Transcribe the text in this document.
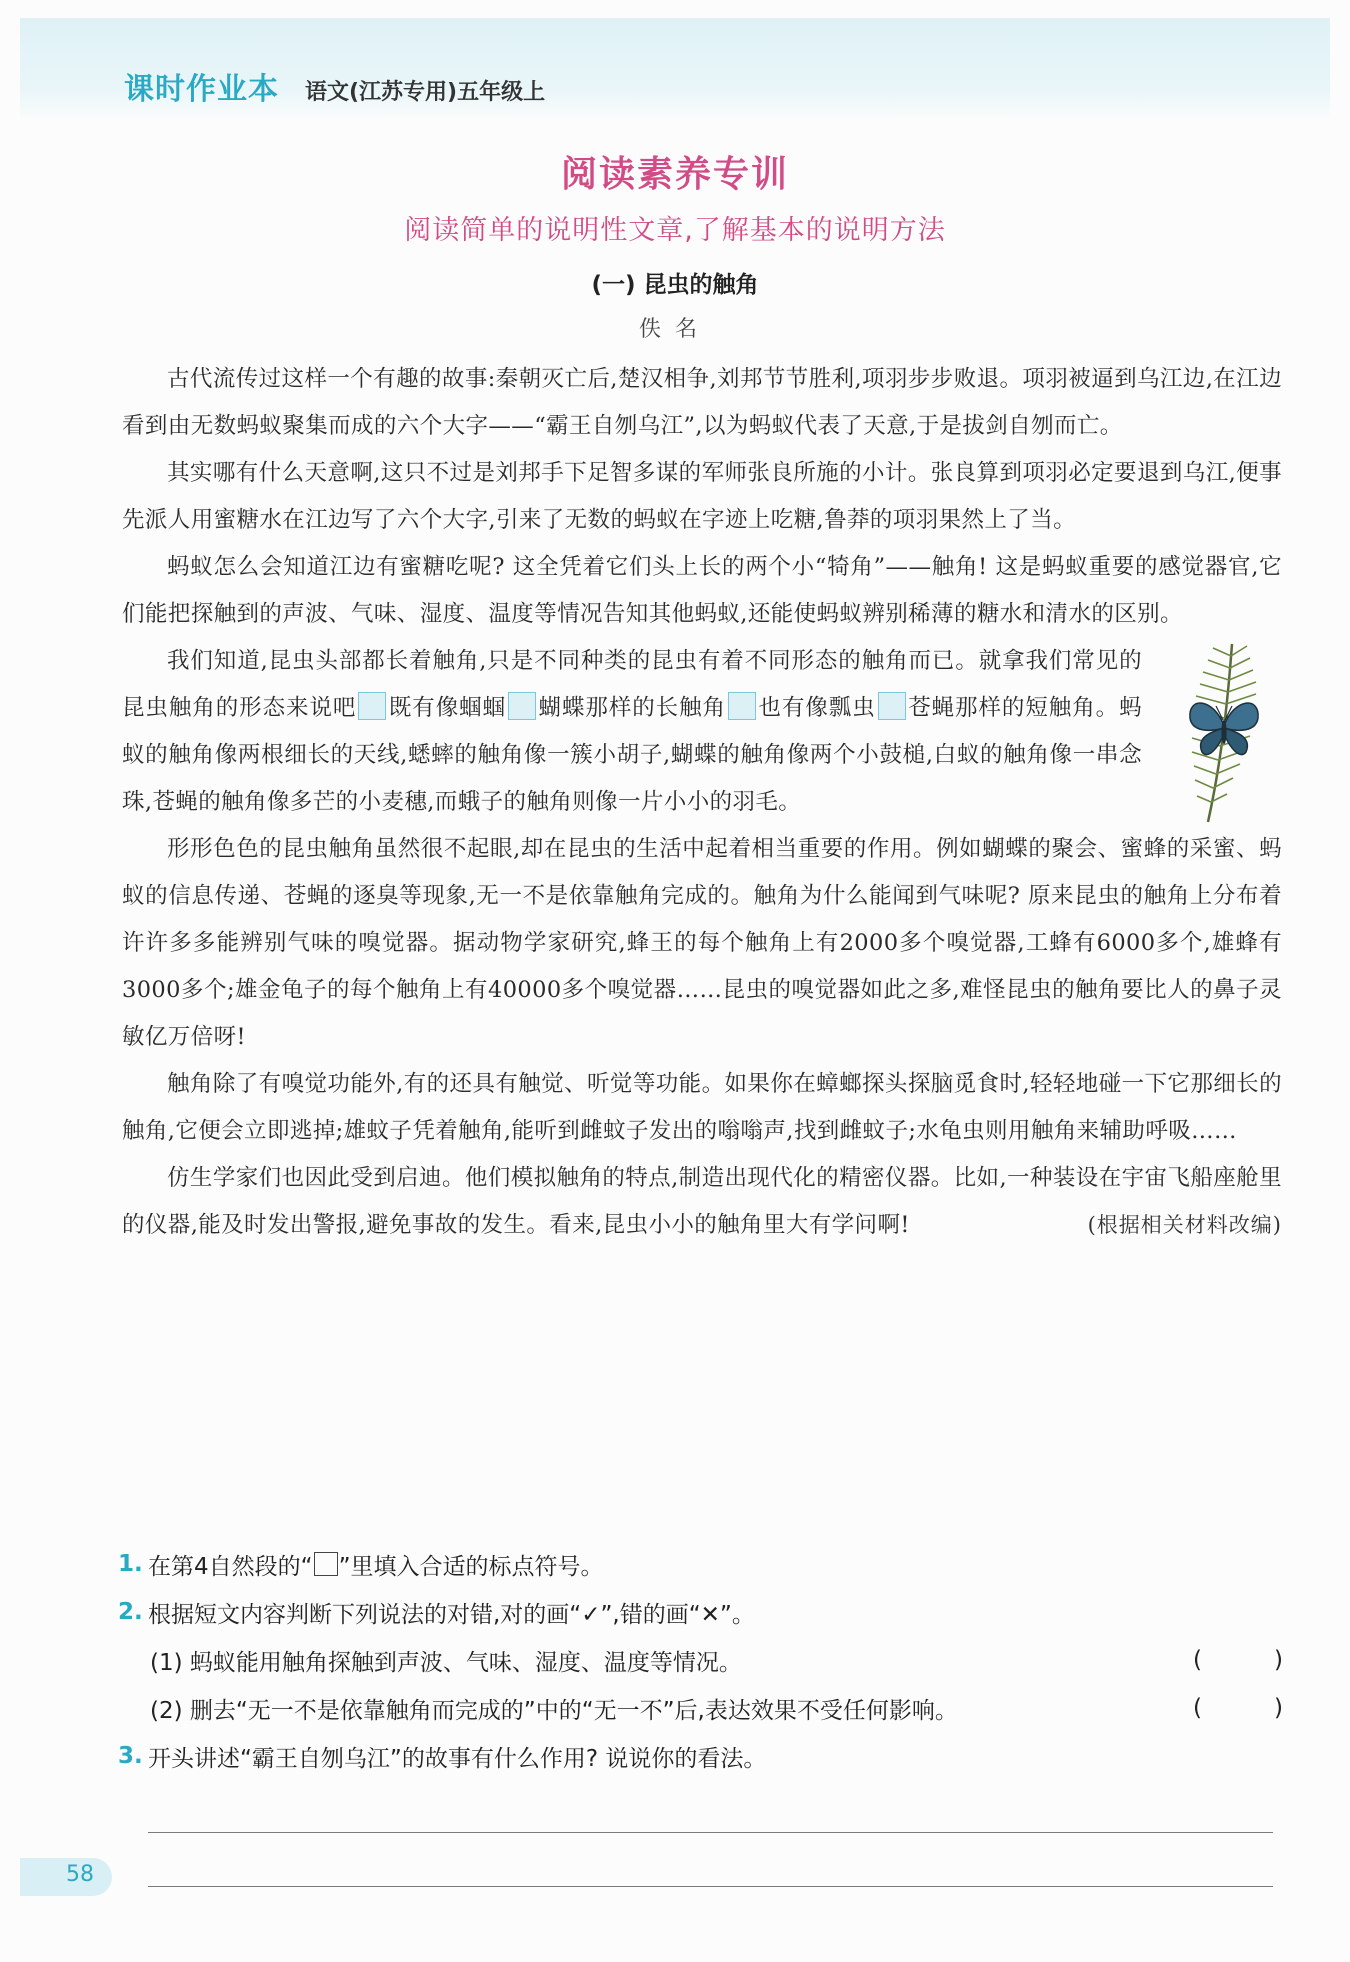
课时作业本 语文(江苏专用)五年级上
阅读素养专训
阅读简单的说明性文章,了解基本的说明方法
(一) 昆虫的触角
佚名

古代流传过这样一个有趣的故事:秦朝灭亡后,楚汉相争,刘邦节节胜利,项羽步步败退。项羽被逼到乌江边,在江边看到由无数蚂蚁聚集而成的六个大字——“霸王自刎乌江”,以为蚂蚁代表了天意,于是拔剑自刎而亡。

其实哪有什么天意啊,这只不过是刘邦手下足智多谋的军师张良所施的小计。张良算到项羽必定要退到乌江,便事先派人用蜜糖水在江边写了六个大字,引来了无数的蚂蚁在字迹上吃糖,鲁莽的项羽果然上了当。

蚂蚁怎么会知道江边有蜜糖吃呢? 这全凭着它们头上长的两个小“犄角”——触角! 这是蚂蚁重要的感觉器官,它们能把探触到的声波、气味、湿度、温度等情况告知其他蚂蚁,还能使蚂蚁辨别稀薄的糖水和清水的区别。

我们知道,昆虫头部都长着触角,只是不同种类的昆虫有着不同形态的触角而已。就拿我们常见的昆虫触角的形态来说吧 既有像蝈蝈 蝴蝶那样的长触角 也有像瓢虫 苍蝇那样的短触角。蚂蚁的触角像两根细长的天线,蟋蟀的触角像一簇小胡子,蝴蝶的触角像两个小鼓槌,白蚁的触角像一串念珠,苍蝇的触角像多芒的小麦穗,而蛾子的触角则像一片小小的羽毛。

形形色色的昆虫触角虽然很不起眼,却在昆虫的生活中起着相当重要的作用。例如蝴蝶的聚会、蜜蜂的采蜜、蚂蚁的信息传递、苍蝇的逐臭等现象,无一不是依靠触角完成的。触角为什么能闻到气味呢? 原来昆虫的触角上分布着许许多多能辨别气味的嗅觉器。据动物学家研究,蜂王的每个触角上有2000多个嗅觉器,工蜂有6000多个,雄蜂有3000多个;雄金龟子的每个触角上有40000多个嗅觉器……昆虫的嗅觉器如此之多,难怪昆虫的触角要比人的鼻子灵敏亿万倍呀!

触角除了有嗅觉功能外,有的还具有触觉、听觉等功能。如果你在蟑螂探头探脑觅食时,轻轻地碰一下它那细长的触角,它便会立即逃掉;雄蚊子凭着触角,能听到雌蚊子发出的嗡嗡声,找到雌蚊子;水龟虫则用触角来辅助呼吸……

仿生学家们也因此受到启迪。他们模拟触角的特点,制造出现代化的精密仪器。比如,一种装设在宇宙飞船座舱里的仪器,能及时发出警报,避免事故的发生。看来,昆虫小小的触角里大有学问啊!	(根据相关材料改编)
1. 在第4自然段的“ ”里填入合适的标点符号。
2. 根据短文内容判断下列说法的对错,对的画“✓”,错的画“✕”。
(1) 蚂蚁能用触角探触到声波、气味、湿度、温度等情况。	(	)
(2) 删去“无一不是依靠触角而完成的”中的“无一不”后,表达效果不受任何影响。	(	)
3. 开头讲述“霸王自刎乌江”的故事有什么作用? 说说你的看法。
58
